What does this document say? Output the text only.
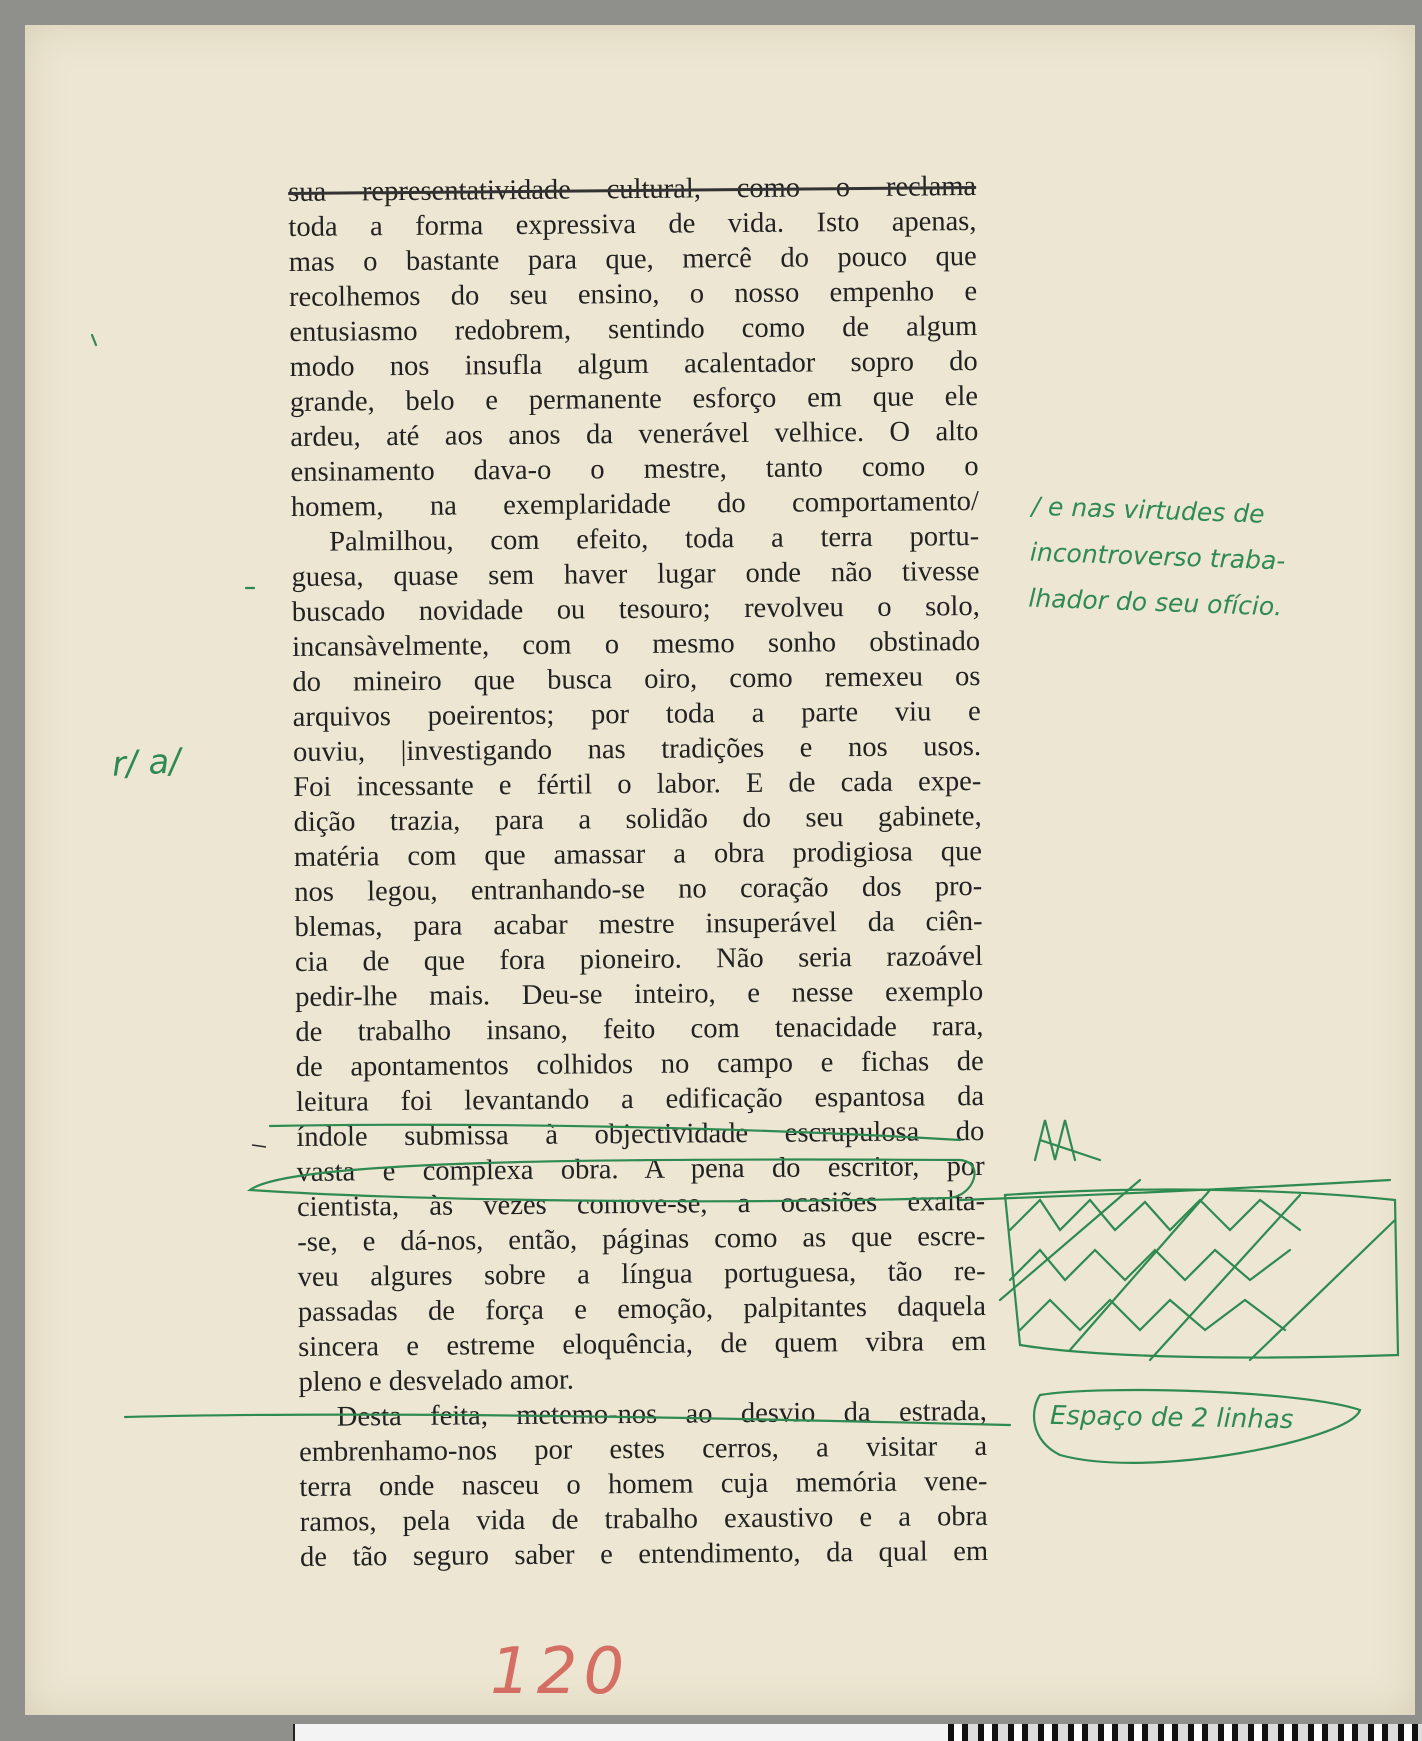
sua representatividade cultural, como o reclama
toda a forma expressiva de vida. Isto apenas,
mas o bastante para que, mercê do pouco que
recolhemos do seu ensino, o nosso empenho e
entusiasmo redobrem, sentindo como de algum
modo nos insufla algum acalentador sopro do
grande, belo e permanente esforço em que ele
ardeu, até aos anos da venerável velhice. O alto
ensinamento dava-o o mestre, tanto como o
homem, na exemplaridade do comportamento/
Palmilhou, com efeito, toda a terra portu-
guesa, quase sem haver lugar onde não tivesse
buscado novidade ou tesouro; revolveu o solo,
incansàvelmente, com o mesmo sonho obstinado
do mineiro que busca oiro, como remexeu os
arquivos poeirentos; por toda a parte viu e
ouviu, |investigando nas tradições e nos usos.
Foi incessante e fértil o labor. E de cada expe-
dição trazia, para a solidão do seu gabinete,
matéria com que amassar a obra prodigiosa que
nos legou, entranhando-se no coração dos pro-
blemas, para acabar mestre insuperável da ciên-
cia de que fora pioneiro. Não seria razoável
pedir-lhe mais. Deu-se inteiro, e nesse exemplo
de trabalho insano, feito com tenacidade rara,
de apontamentos colhidos no campo e fichas de
leitura foi levantando a edificação espantosa da
índole submissa à objectividade escrupulosa do
vasta e complexa obra. A pena do escritor, por
cientista, às vezes comove-se, a ocasiões exalta-
-se, e dá-nos, então, páginas como as que escre-
veu algures sobre a língua portuguesa, tão re-
passadas de força e emoção, palpitantes daquela
sincera e estreme eloquência, de quem vibra em
pleno e desvelado amor.
Desta feita, metemo-nos ao desvio da estrada,
embrenhamo-nos por estes cerros, a visitar a
terra onde nasceu o homem cuja memória vene-
ramos, pela vida de trabalho exaustivo e a obra
de tão seguro saber e entendimento, da qual em
/ e nas virtudes de
incontroverso traba-
lhador do seu ofício.
r/ a/
Espaço de 2 linhas
120
